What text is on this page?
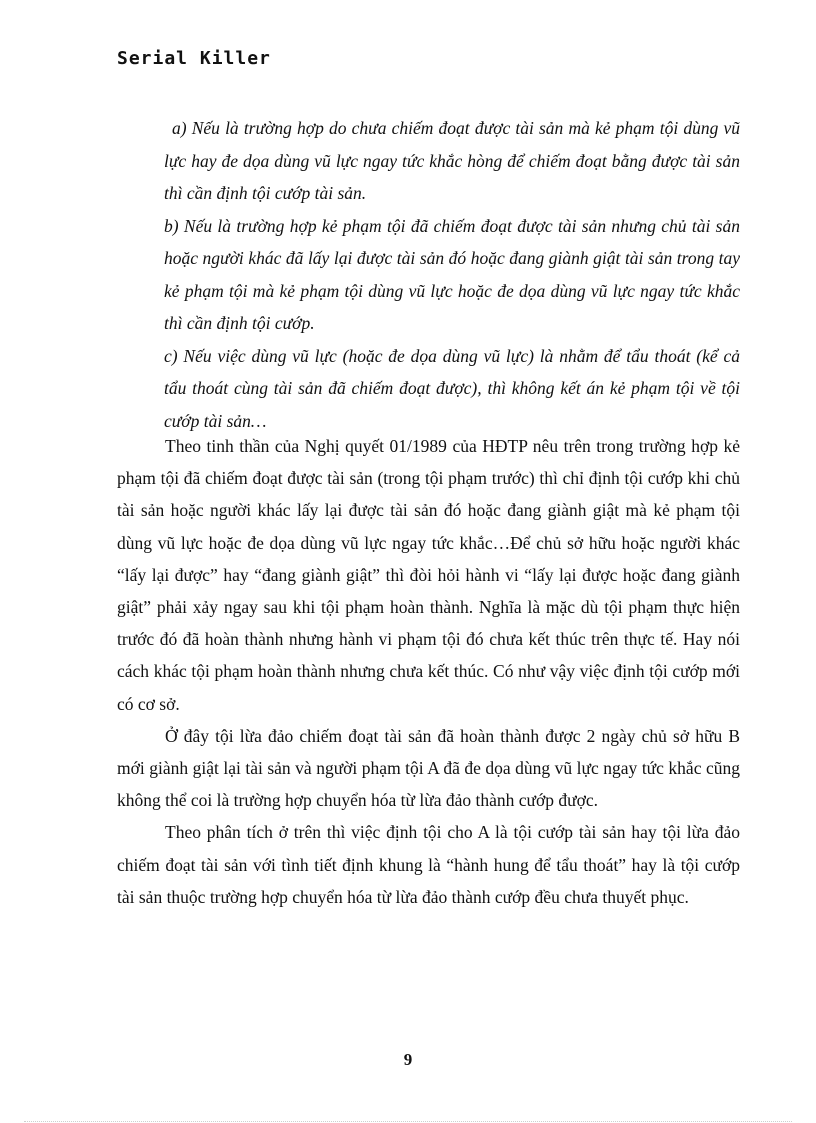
Serial Killer

a) Nếu là trường hợp do chưa chiếm đoạt được tài sản mà kẻ phạm tội dùng vũ lực hay đe dọa dùng vũ lực ngay tức khắc hòng để chiếm đoạt bằng được tài sản thì cần định tội cướp tài sản.

b) Nếu là trường hợp kẻ phạm tội đã chiếm đoạt được tài sản nhưng chủ tài sản hoặc người khác đã lấy lại được tài sản đó hoặc đang giành giật tài sản trong tay kẻ phạm tội mà kẻ phạm tội dùng vũ lực hoặc đe dọa dùng vũ lực ngay tức khắc thì cần định tội cướp.

c) Nếu việc dùng vũ lực (hoặc đe dọa dùng vũ lực) là nhằm để tẩu thoát (kể cả tẩu thoát cùng tài sản đã chiếm đoạt được), thì không kết án kẻ phạm tội về tội cướp tài sản…

Theo tinh thần của Nghị quyết 01/1989 của HĐTP nêu trên trong trường hợp kẻ phạm tội đã chiếm đoạt được tài sản (trong tội phạm trước) thì chỉ định tội cướp khi chủ tài sản hoặc người khác lấy lại được tài sản đó hoặc đang giành giật mà kẻ phạm tội dùng vũ lực hoặc đe dọa dùng vũ lực ngay tức khắc…Để chủ sở hữu hoặc người khác “lấy lại được” hay “đang giành giật” thì đòi hỏi hành vi “lấy lại được hoặc đang giành giật” phải xảy ngay sau khi tội phạm hoàn thành. Nghĩa là mặc dù tội phạm thực hiện trước đó đã hoàn thành nhưng hành vi phạm tội đó chưa kết thúc trên thực tế. Hay nói cách khác tội phạm hoàn thành nhưng chưa kết thúc. Có như vậy việc định tội cướp mới có cơ sở.

Ở đây tội lừa đảo chiếm đoạt tài sản đã hoàn thành được 2 ngày chủ sở hữu B mới giành giật lại tài sản và người phạm tội A đã đe dọa dùng vũ lực ngay tức khắc cũng không thể coi là trường hợp chuyển hóa từ lừa đảo thành cướp được.

Theo phân tích ở trên thì việc định tội cho A là tội cướp tài sản hay tội lừa đảo chiếm đoạt tài sản với tình tiết định khung là “hành hung để tẩu thoát” hay là tội cướp tài sản thuộc trường hợp chuyển hóa từ lừa đảo thành cướp đều chưa thuyết phục.

9
